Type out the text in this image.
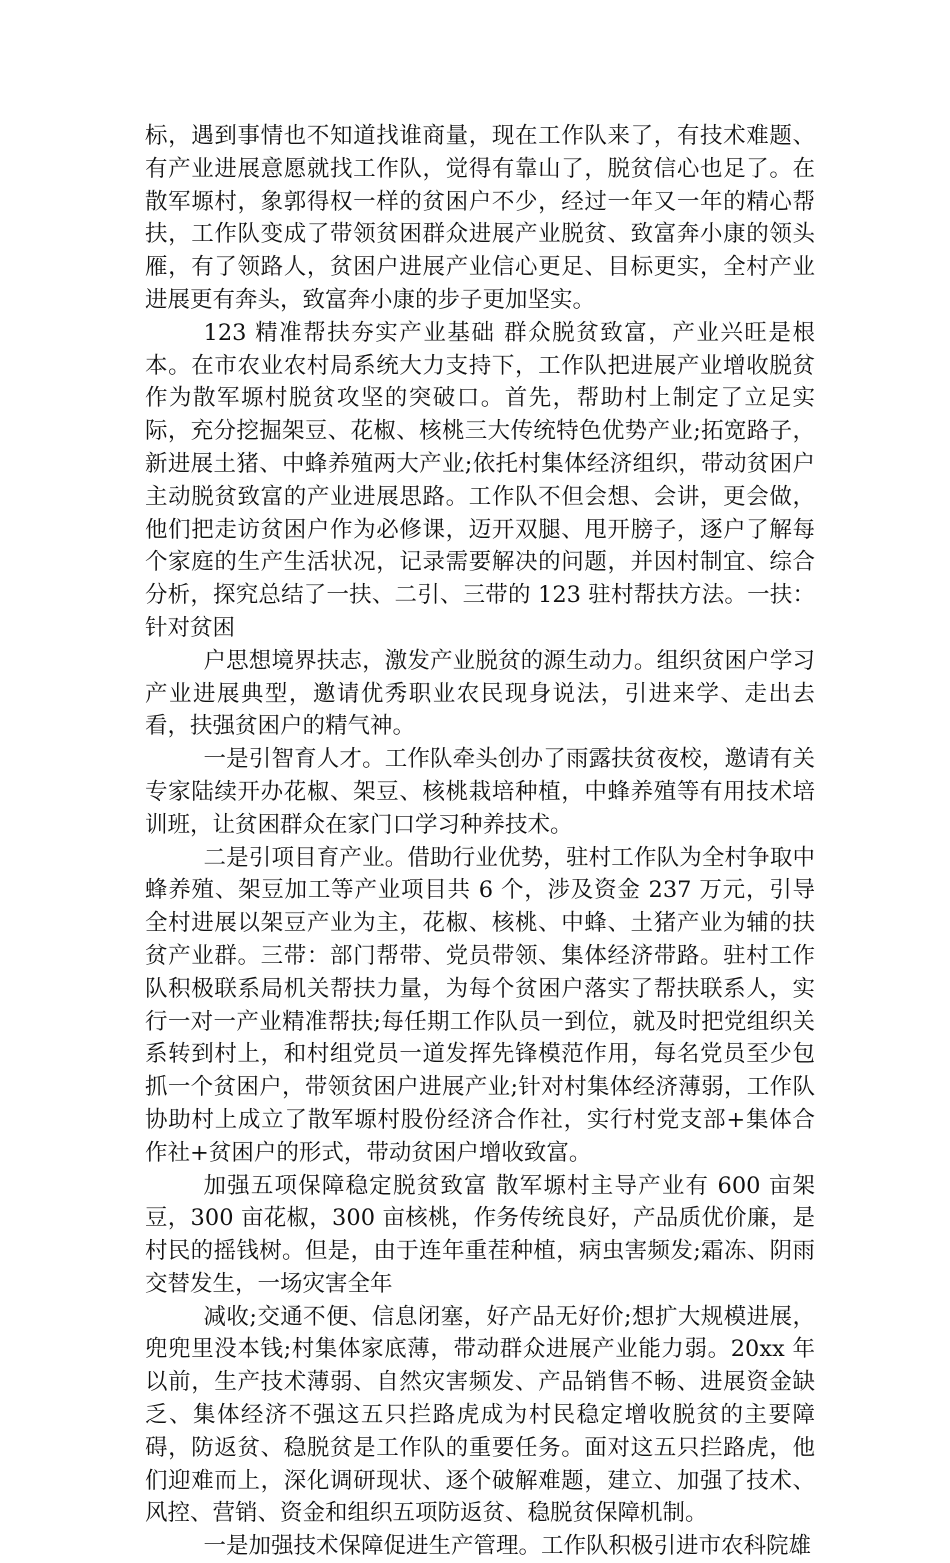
标，遇到事情也不知道找谁商量，现在工作队来了，有技术难题、有产业进展意愿就找工作队，觉得有靠山了，脱贫信心也足了。在散军塬村，象郭得权一样的贫困户不少，经过一年又一年的精心帮扶，工作队变成了带领贫困群众进展产业脱贫、致富奔小康的领头雁，有了领路人，贫困户进展产业信心更足、目标更实，全村产业进展更有奔头，致富奔小康的步子更加坚实。

123 精准帮扶夯实产业基础 群众脱贫致富，产业兴旺是根本。在市农业农村局系统大力支持下，工作队把进展产业增收脱贫作为散军塬村脱贫攻坚的突破口。首先，帮助村上制定了立足实际，充分挖掘架豆、花椒、核桃三大传统特色优势产业;拓宽路子，新进展土猪、中蜂养殖两大产业;依托村集体经济组织，带动贫困户主动脱贫致富的产业进展思路。工作队不但会想、会讲，更会做，他们把走访贫困户作为必修课，迈开双腿、甩开膀子，逐户了解每个家庭的生产生活状况，记录需要解决的问题，并因村制宜、综合分析，探究总结了一扶、二引、三带的 123 驻村帮扶方法。一扶：针对贫困

户思想境界扶志，激发产业脱贫的源生动力。组织贫困户学习产业进展典型，邀请优秀职业农民现身说法，引进来学、走出去看，扶强贫困户的精气神。

一是引智育人才。工作队牵头创办了雨露扶贫夜校，邀请有关专家陆续开办花椒、架豆、核桃栽培种植，中蜂养殖等有用技术培训班，让贫困群众在家门口学习种养技术。

二是引项目育产业。借助行业优势，驻村工作队为全村争取中蜂养殖、架豆加工等产业项目共 6 个，涉及资金 237 万元，引导全村进展以架豆产业为主，花椒、核桃、中蜂、土猪产业为辅的扶贫产业群。三带：部门帮带、党员带领、集体经济带路。驻村工作队积极联系局机关帮扶力量，为每个贫困户落实了帮扶联系人，实行一对一产业精准帮扶;每任期工作队员一到位，就及时把党组织关系转到村上，和村组党员一道发挥先锋模范作用，每名党员至少包抓一个贫困户，带领贫困户进展产业;针对村集体经济薄弱，工作队协助村上成立了散军塬村股份经济合作社，实行村党支部+集体合作社+贫困户的形式，带动贫困户增收致富。

加强五项保障稳定脱贫致富 散军塬村主导产业有 600 亩架豆，300 亩花椒，300 亩核桃，作务传统良好，产品质优价廉，是村民的摇钱树。但是，由于连年重茬种植，病虫害频发;霜冻、阴雨交替发生，一场灾害全年

减收;交通不便、信息闭塞，好产品无好价;想扩大规模进展，兜兜里没本钱;村集体家底薄，带动群众进展产业能力弱。20xx 年以前，生产技术薄弱、自然灾害频发、产品销售不畅、进展资金缺乏、集体经济不强这五只拦路虎成为村民稳定增收脱贫的主要障碍，防返贫、稳脱贫是工作队的重要任务。面对这五只拦路虎，他们迎难而上，深化调研现状、逐个破解难题，建立、加强了技术、风控、营销、资金和组织五项防返贫、稳脱贫保障机制。

一是加强技术保障促进生产管理。工作队积极引进市农科院雄
